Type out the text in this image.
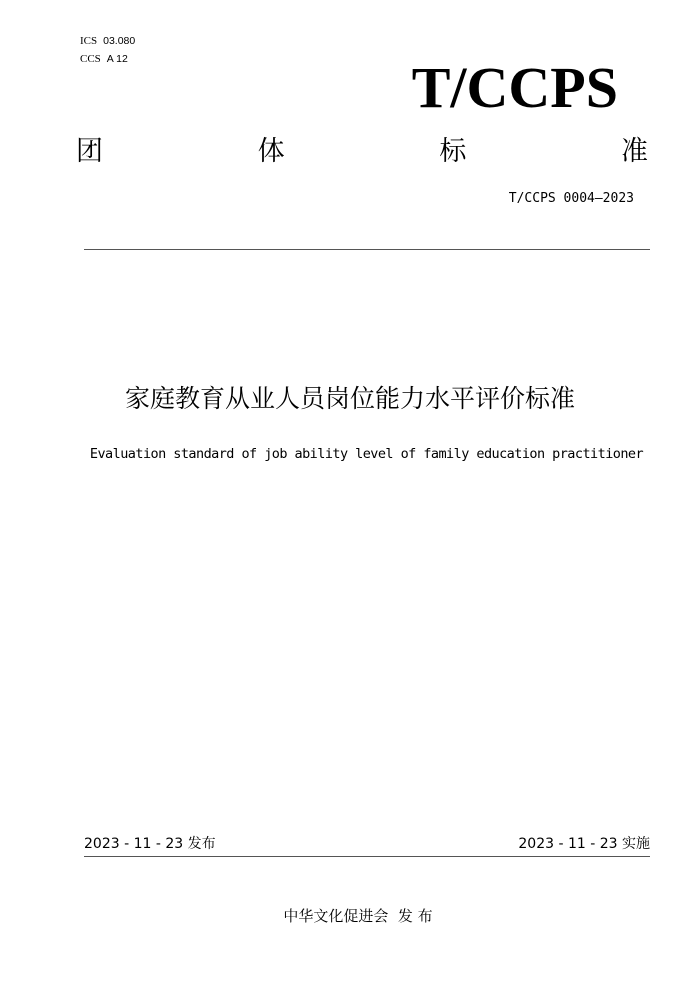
ICS 03.080
CCS A 12	T/CCPS
团	体	标	准
T/CCPS 0004—2023
家庭教育从业人员岗位能力水平评价标准
Evaluation standard of job ability level of family education practitioner
2023 - 11 - 23 发布	2023 - 11 - 23 实施
中华文化促进会  发 布
